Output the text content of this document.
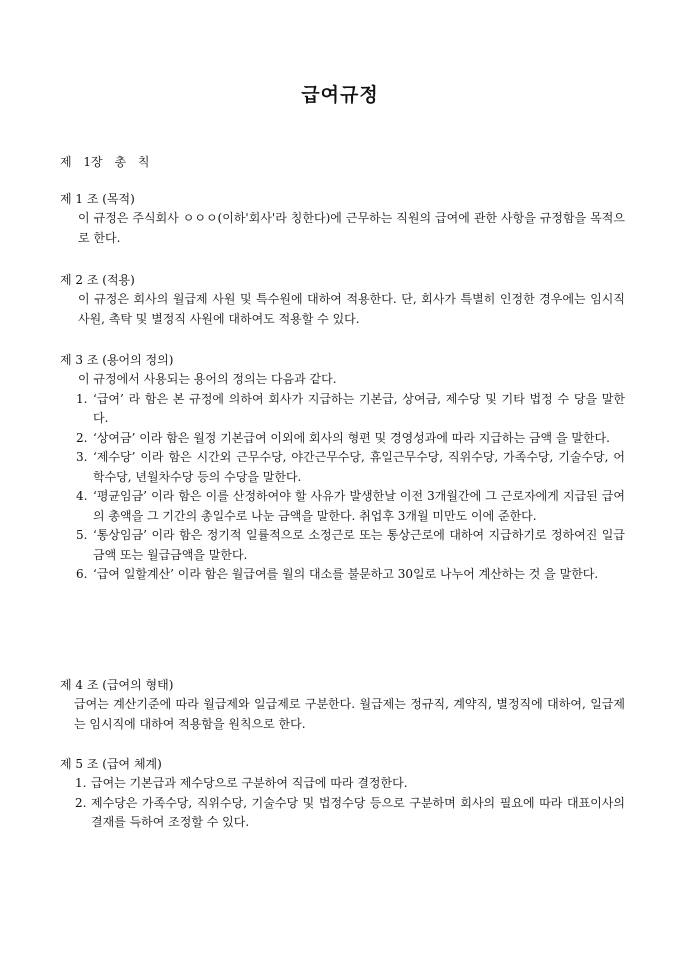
급여규정
제 1장 총 칙
제 1 조 (목적)
이 규정은 주식회사 ㅇㅇㅇ(이하'회사'라 칭한다)에 근무하는 직원의 급여에 관한 사항을 규정함을 목적으로 한다.
제 2 조 (적용)
이 규정은 회사의 월급제 사원 및 특수원에 대하여 적용한다. 단, 회사가 특별히 인정한 경우에는 임시직 사원, 촉탁 및 별정직 사원에 대하여도 적용할 수 있다.
제 3 조 (용어의 정의)
이 규정에서 사용되는 용어의 정의는 다음과 같다.
1. ‘급여’ 라 함은 본 규정에 의하여 회사가 지급하는 기본급, 상여금, 제수당 및 기타 법정 수 당을 말한다.
2. ‘상여금’ 이라 함은 월정 기본급여 이외에 회사의 형편 및 경영성과에 따라 지급하는 금액 을 말한다.
3. ‘제수당’ 이라 함은 시간외 근무수당, 야간근무수당, 휴일근무수당, 직위수당, 가족수당, 기술수당, 어학수당, 년월차수당 등의 수당을 말한다.
4. ‘평균임금’ 이라 함은 이를 산정하여야 할 사유가 발생한날 이전 3개월간에 그 근로자에게 지급된 급여의 총액을 그 기간의 총일수로 나눈 금액을 말한다. 취업후 3개월 미만도 이에 준한다.
5. ‘통상임금’ 이라 함은 정기적 일률적으로 소정근로 또는 통상근로에 대하여 지급하기로 정하여진 일급금액 또는 월급금액을 말한다.
6. ‘급여 일할계산’ 이라 함은 월급여를 월의 대소를 불문하고 30일로 나누어 계산하는 것 을 말한다.
제 4 조 (급여의 형태)
급여는 계산기준에 따라 월급제와 일급제로 구분한다. 월급제는 정규직, 계약직, 별정직에 대하여, 일급제는 임시직에 대하여 적용함을 원칙으로 한다.
제 5 조 (급여 체계)
1. 급여는 기본급과 제수당으로 구분하여 직급에 따라 결정한다.
2. 제수당은 가족수당, 직위수당, 기술수당 및 법정수당 등으로 구분하며 회사의 필요에 따라 대표이사의 결재를 득하여 조정할 수 있다.
